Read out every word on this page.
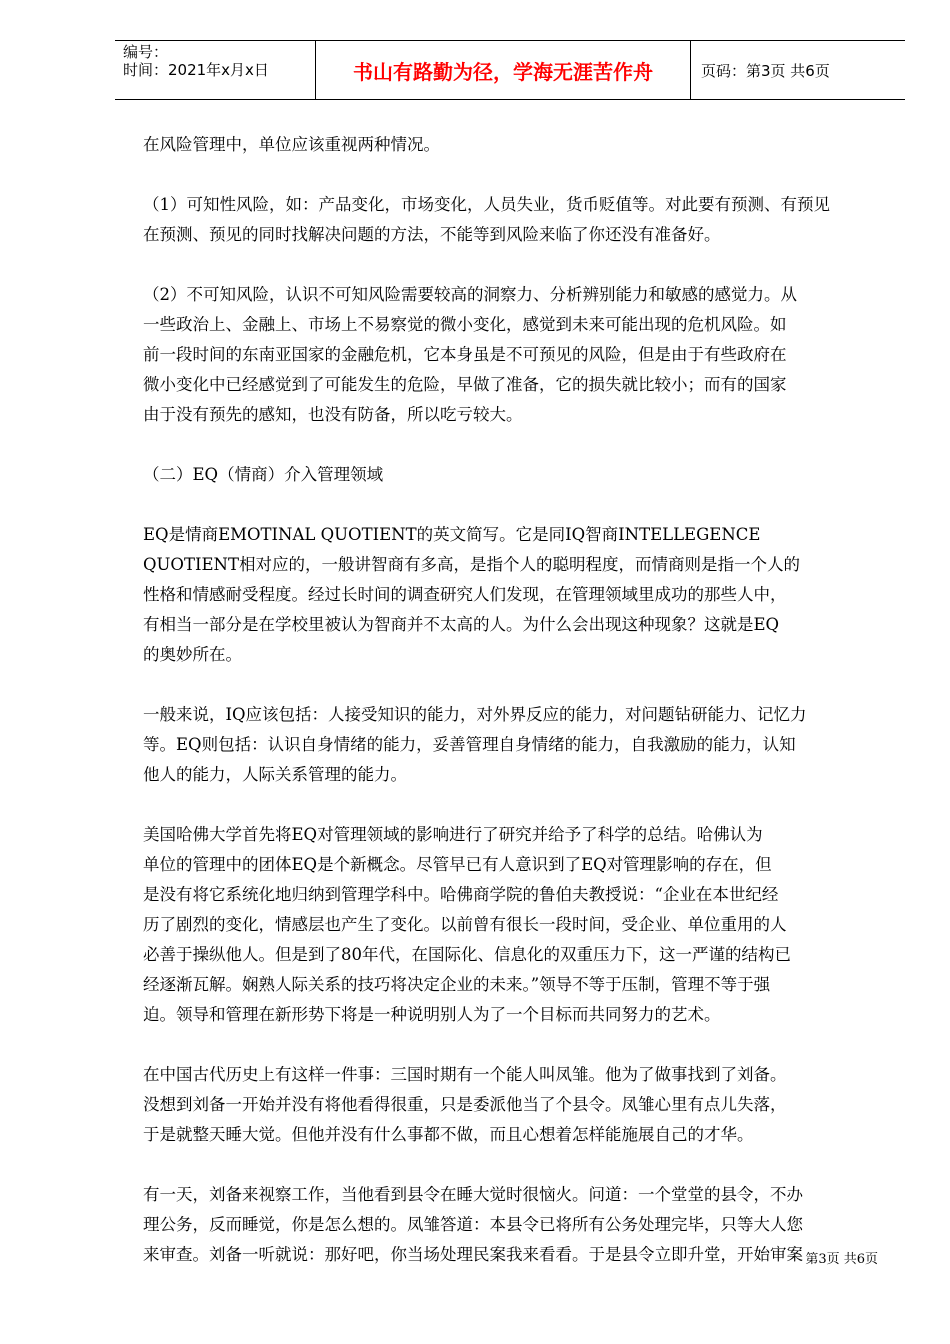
编号：
时间：2021年x月x日	书山有路勤为径，学海无涯苦作舟	页码：第3页 共6页

在风险管理中，单位应该重视两种情况。

（1）可知性风险，如：产品变化，市场变化，人员失业，货币贬值等。对此要有预测、有预见
在预测、预见的同时找解决问题的方法，不能等到风险来临了你还没有准备好。

（2）不可知风险，认识不可知风险需要较高的洞察力、分析辨别能力和敏感的感觉力。从
一些政治上、金融上、市场上不易察觉的微小变化，感觉到未来可能出现的危机风险。如
前一段时间的东南亚国家的金融危机，它本身虽是不可预见的风险，但是由于有些政府在
微小变化中已经感觉到了可能发生的危险，早做了准备，它的损失就比较小；而有的国家
由于没有预先的感知，也没有防备，所以吃亏较大。

（二）EQ（情商）介入管理领域

EQ是情商EMOTINAL QUOTIENT的英文简写。它是同IQ智商INTELLEGENCE
QUOTIENT相对应的，一般讲智商有多高，是指个人的聪明程度，而情商则是指一个人的
性格和情感耐受程度。经过长时间的调查研究人们发现，在管理领域里成功的那些人中，
有相当一部分是在学校里被认为智商并不太高的人。为什么会出现这种现象？这就是EQ
的奥妙所在。

一般来说，IQ应该包括：人接受知识的能力，对外界反应的能力，对问题钻研能力、记忆力
等。EQ则包括：认识自身情绪的能力，妥善管理自身情绪的能力，自我激励的能力，认知
他人的能力，人际关系管理的能力。

美国哈佛大学首先将EQ对管理领域的影响进行了研究并给予了科学的总结。哈佛认为
单位的管理中的团体EQ是个新概念。尽管早已有人意识到了EQ对管理影响的存在，但
是没有将它系统化地归纳到管理学科中。哈佛商学院的鲁伯夫教授说：“企业在本世纪经
历了剧烈的变化，情感层也产生了变化。以前曾有很长一段时间，受企业、单位重用的人
必善于操纵他人。但是到了80年代，在国际化、信息化的双重压力下，这一严谨的结构已
经逐渐瓦解。娴熟人际关系的技巧将决定企业的未来。”领导不等于压制，管理不等于强
迫。领导和管理在新形势下将是一种说明别人为了一个目标而共同努力的艺术。

在中国古代历史上有这样一件事：三国时期有一个能人叫凤雏。他为了做事找到了刘备。
没想到刘备一开始并没有将他看得很重，只是委派他当了个县令。凤雏心里有点儿失落，
于是就整天睡大觉。但他并没有什么事都不做，而且心想着怎样能施展自己的才华。

有一天，刘备来视察工作，当他看到县令在睡大觉时很恼火。问道：一个堂堂的县令，不办
理公务，反而睡觉，你是怎么想的。凤雏答道：本县令已将所有公务处理完毕，只等大人您
来审查。刘备一听就说：那好吧，你当场处理民案我来看看。于是县令立即升堂，开始审案 第3页 共6页
